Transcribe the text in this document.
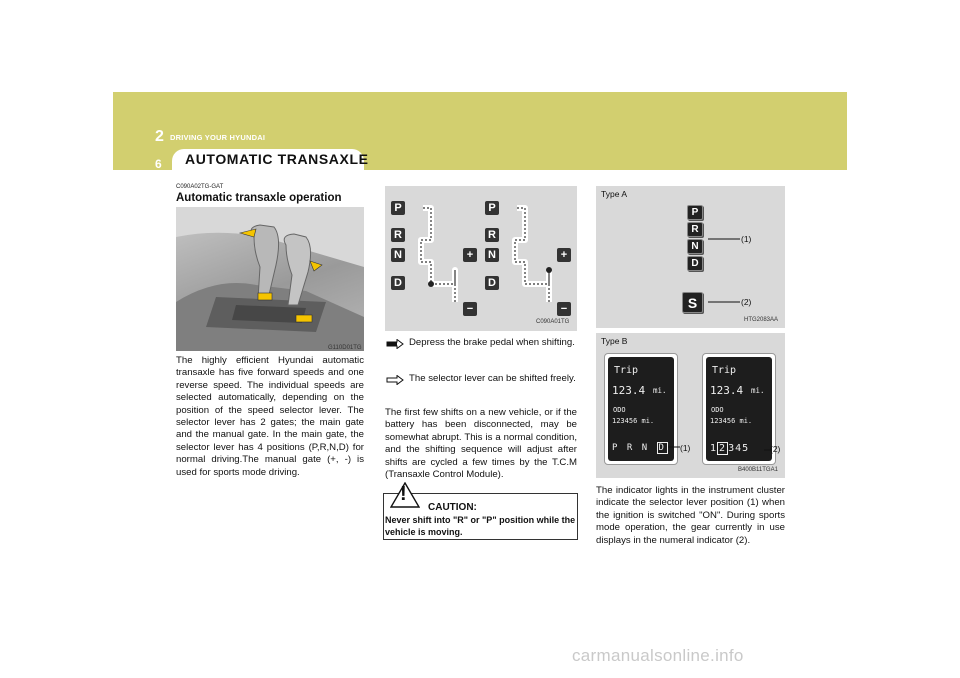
2 DRIVING YOUR HYUNDAI
6 AUTOMATIC TRANSAXLE
C090A02TG-GAT
Automatic transaxle operation
G110D01TG
The highly efficient Hyundai automatic transaxle has five forward speeds and one reverse speed. The individual speeds are selected automatically, depending on the position of the speed selector lever. The selector lever has 2 gates; the main gate and the manual gate. In the main gate, the selector lever has 4 positions (P,R,N,D) for normal driving.The manual gate (+, -) is used for sports mode driving.
P
R
N
D
+
−
P
R
N
D
+
−
C090A01TG
Depress the brake pedal when shifting.
The selector lever can be shifted freely.
The first few shifts on a new vehicle, or if the battery has been disconnected, may be somewhat abrupt. This is a normal condition, and the shifting sequence will adjust after shifts are cycled a few times by the T.C.M (Transaxle Control Module).
!
CAUTION:
Never shift into "R" or "P" position while the vehicle is moving.
Type A
P
R
N
D
S
(1)
(2)
HTG2083AA
Type B
Trip
123.4 mi.
ODO
123456 mi.
P R N D (1)
Trip
123.4 mi.
ODO
123456 mi.
1 2 345 (2)
B400B11TGA1
The indicator lights in the instrument cluster indicate the selector lever position (1) when the ignition is switched "ON". During sports mode operation, the gear currently in use displays in the numeral indicator (2).
carmanualsonline.info
